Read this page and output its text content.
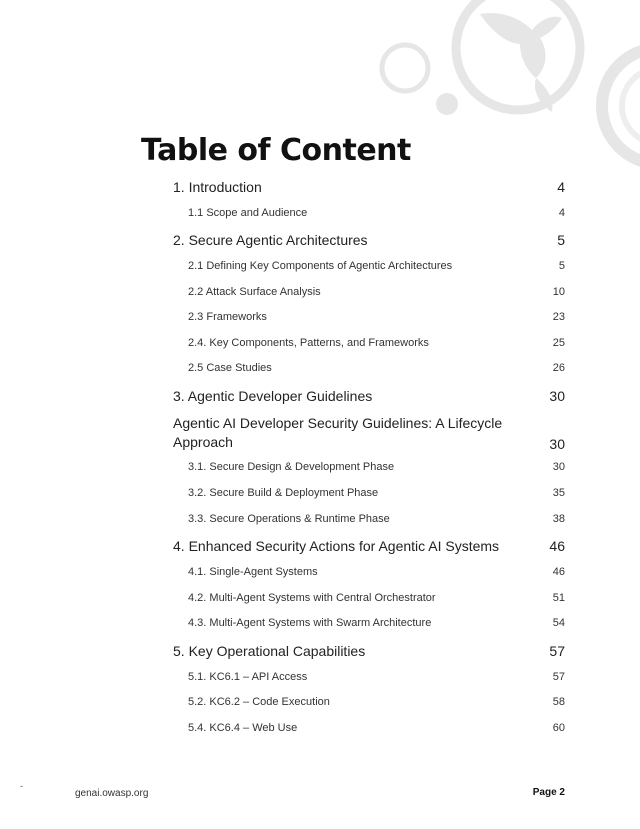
Table of Content
1. Introduction	4
1.1 Scope and Audience	4
2. Secure Agentic Architectures	5
2.1 Defining Key Components of Agentic Architectures	5
2.2 Attack Surface Analysis	10
2.3 Frameworks	23
2.4. Key Components, Patterns, and Frameworks	25
2.5 Case Studies	26
3. Agentic Developer Guidelines	30
Agentic AI Developer Security Guidelines: A Lifecycle Approach	30
3.1. Secure Design & Development Phase	30
3.2. Secure Build & Deployment Phase	35
3.3. Secure Operations & Runtime Phase	38
4. Enhanced Security Actions for Agentic AI Systems	46
4.1. Single-Agent Systems	46
4.2. Multi-Agent Systems with Central Orchestrator	51
4.3. Multi-Agent Systems with Swarm Architecture	54
5. Key Operational Capabilities	57
5.1. KC6.1 – API Access	57
5.2. KC6.2 – Code Execution	58
5.4. KC6.4 – Web Use	60
-
genai.owasp.org	Page 2
